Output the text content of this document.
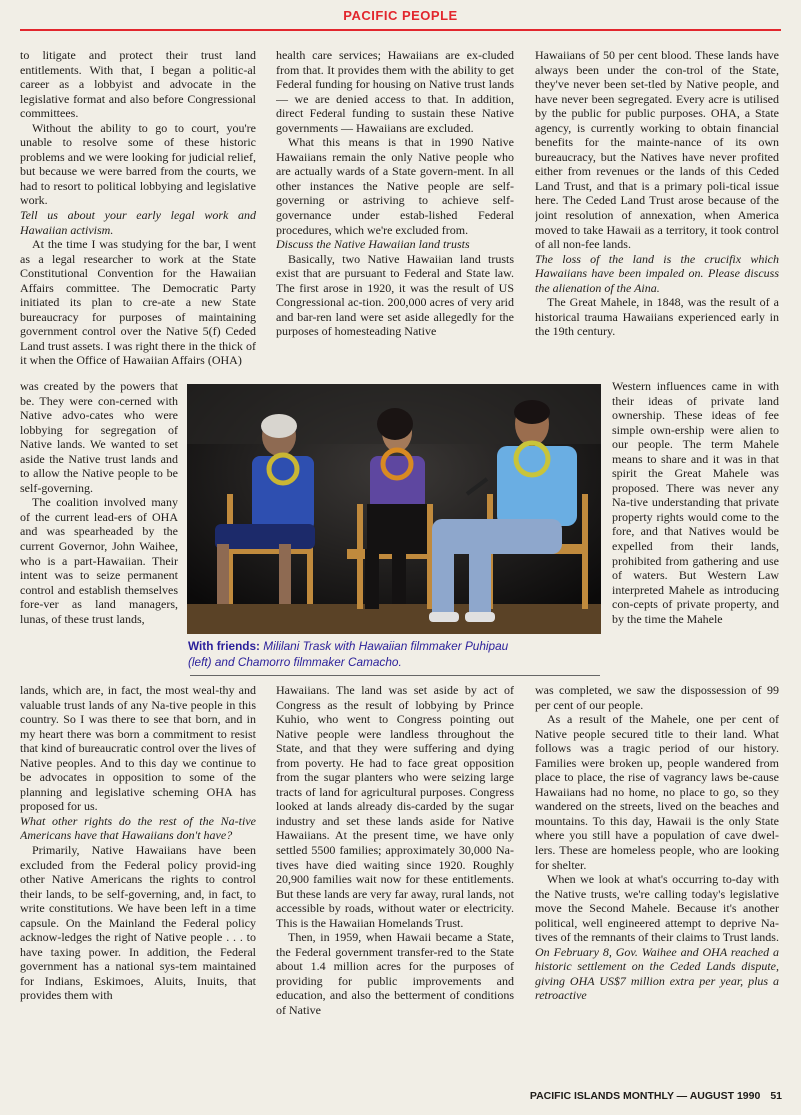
PACIFIC PEOPLE

to litigate and protect their trust land entitlements. With that, I began a politic-al career as a lobbyist and advocate in the legislative format and also before Congressional committees.

Without the ability to go to court, you're unable to resolve some of these historic problems and we were looking for judicial relief, but because we were barred from the courts, we had to resort to political lobbying and legislative work.

Tell us about your early legal work and Hawaiian activism.

At the time I was studying for the bar, I went as a legal researcher to work at the State Constitutional Convention for the Hawaiian Affairs committee. The Democratic Party initiated its plan to cre-ate a new State bureaucracy for purposes of maintaining government control over the Native 5(f) Ceded Land trust assets. I was right there in the thick of it when the Office of Hawaiian Affairs (OHA)

was created by the powers that be. They were con-cerned with Native advo-cates who were lobbying for segregation of Native lands. We wanted to set aside the Native trust lands and to allow the Native people to be self-governing.

The coalition involved many of the current lead-ers of OHA and was spearheaded by the current Governor, John Waihee, who is a part-Hawaiian. Their intent was to seize permanent control and establish themselves fore-ver as land managers, lunas, of these trust lands,

lands, which are, in fact, the most weal-thy and valuable trust lands of any Na-tive people in this country. So I was there to see that born, and in my heart there was born a commitment to resist that kind of bureaucratic control over the lives of Native peoples. And to this day we continue to be advocates in opposition to some of the planning and legislative scheming OHA has proposed for us.

What other rights do the rest of the Na-tive Americans have that Hawaiians don't have?

Primarily, Native Hawaiians have been excluded from the Federal policy provid-ing other Native Americans the rights to control their lands, to be self-governing, and, in fact, to write constitutions. We have been left in a time capsule. On the Mainland the Federal policy acknow-ledges the right of Native people . . . to have taxing power. In addition, the Federal government has a national sys-tem maintained for Indians, Eskimoes, Aluits, Inuits, that provides them with

health care services; Hawaiians are ex-cluded from that. It provides them with the ability to get Federal funding for housing on Native trust lands — we are denied access to that. In addition, direct Federal funding to sustain these Native governments — Hawaiians are excluded.

What this means is that in 1990 Native Hawaiians remain the only Native people who are actually wards of a State govern-ment. In all other instances the Native people are self-governing or astriving to achieve self-governance under estab-lished Federal procedures, which we're excluded from.

Discuss the Native Hawaiian land trusts

Basically, two Native Hawaiian land trusts exist that are pursuant to Federal and State law. The first arose in 1920, it was the result of US Congressional ac-tion. 200,000 acres of very arid and bar-ren land were set aside allegedly for the purposes of homesteading Native

Hawaiians. The land was set aside by act of Congress as the result of lobbying by Prince Kuhio, who went to Congress pointing out Native people were landless throughout the State, and that they were suffering and dying from poverty. He had to face great opposition from the sugar planters who were seizing large tracts of land for agricultural purposes. Congress looked at lands already dis-carded by the sugar industry and set these lands aside for Native Hawaiians. At the present time, we have only settled 5500 families; approximately 30,000 Na-tives have died waiting since 1920. Roughly 20,900 families wait now for these entitlements. But these lands are very far away, rural lands, not accessible by roads, without water or electricity. This is the Hawaiian Homelands Trust.

Then, in 1959, when Hawaii became a State, the Federal government transfer-red to the State about 1.4 million acres for the purposes of providing for public improvements and education, and also the betterment of conditions of Native

Hawaiians of 50 per cent blood. These lands have always been under the con-trol of the State, they've never been set-tled by Native people, and have never been segregated. Every acre is utilised by the public for public purposes. OHA, a State agency, is currently working to obtain financial benefits for the mainte-nance of its own bureaucracy, but the Natives have never profited either from revenues or the lands of this Ceded Land Trust, and that is a primary poli-tical issue here. The Ceded Land Trust arose because of the joint resolution of annexation, when America moved to take Hawaii as a territory, it took control of all non-fee lands.

The loss of the land is the crucifix which Hawaiians have been impaled on. Please discuss the alienation of the Aina.

The Great Mahele, in 1848, was the result of a historical trauma Hawaiians experienced early in the 19th century.

Western influences came in with their ideas of private land ownership. These ideas of fee simple own-ership were alien to our people. The term Mahele means to share and it was in that spirit the Great Mahele was proposed. There was never any Na-tive understanding that private property rights would come to the fore, and that Natives would be expelled from their lands, prohibited from gathering and use of waters. But Western Law interpreted Mahele as introducing con-cepts of private property, and by the time the Mahele

was completed, we saw the dispossession of 99 per cent of our people.

As a result of the Mahele, one per cent of Native people secured title to their land. What follows was a tragic period of our history. Families were broken up, people wandered from place to place, the rise of vagrancy laws be-cause Hawaiians had no home, no place to go, so they wandered on the streets, lived on the beaches and mountains. To this day, Hawaii is the only State where you still have a population of cave dwel-lers. These are homeless people, who are looking for shelter.

When we look at what's occurring to-day with the Native trusts, we're calling today's legislative move the Second Mahele. Because it's another political, well engineered attempt to deprive Na-tives of the remnants of their claims to Trust lands.

On February 8, Gov. Waihee and OHA reached a historic settlement on the Ceded Lands dispute, giving OHA US$7 million extra per year, plus a retroactive

With friends: Mililani Trask with Hawaiian filmmaker Puhipau
(left) and Chamorro filmmaker Camacho.
PACIFIC ISLANDS MONTHLY — AUGUST 1990 51
